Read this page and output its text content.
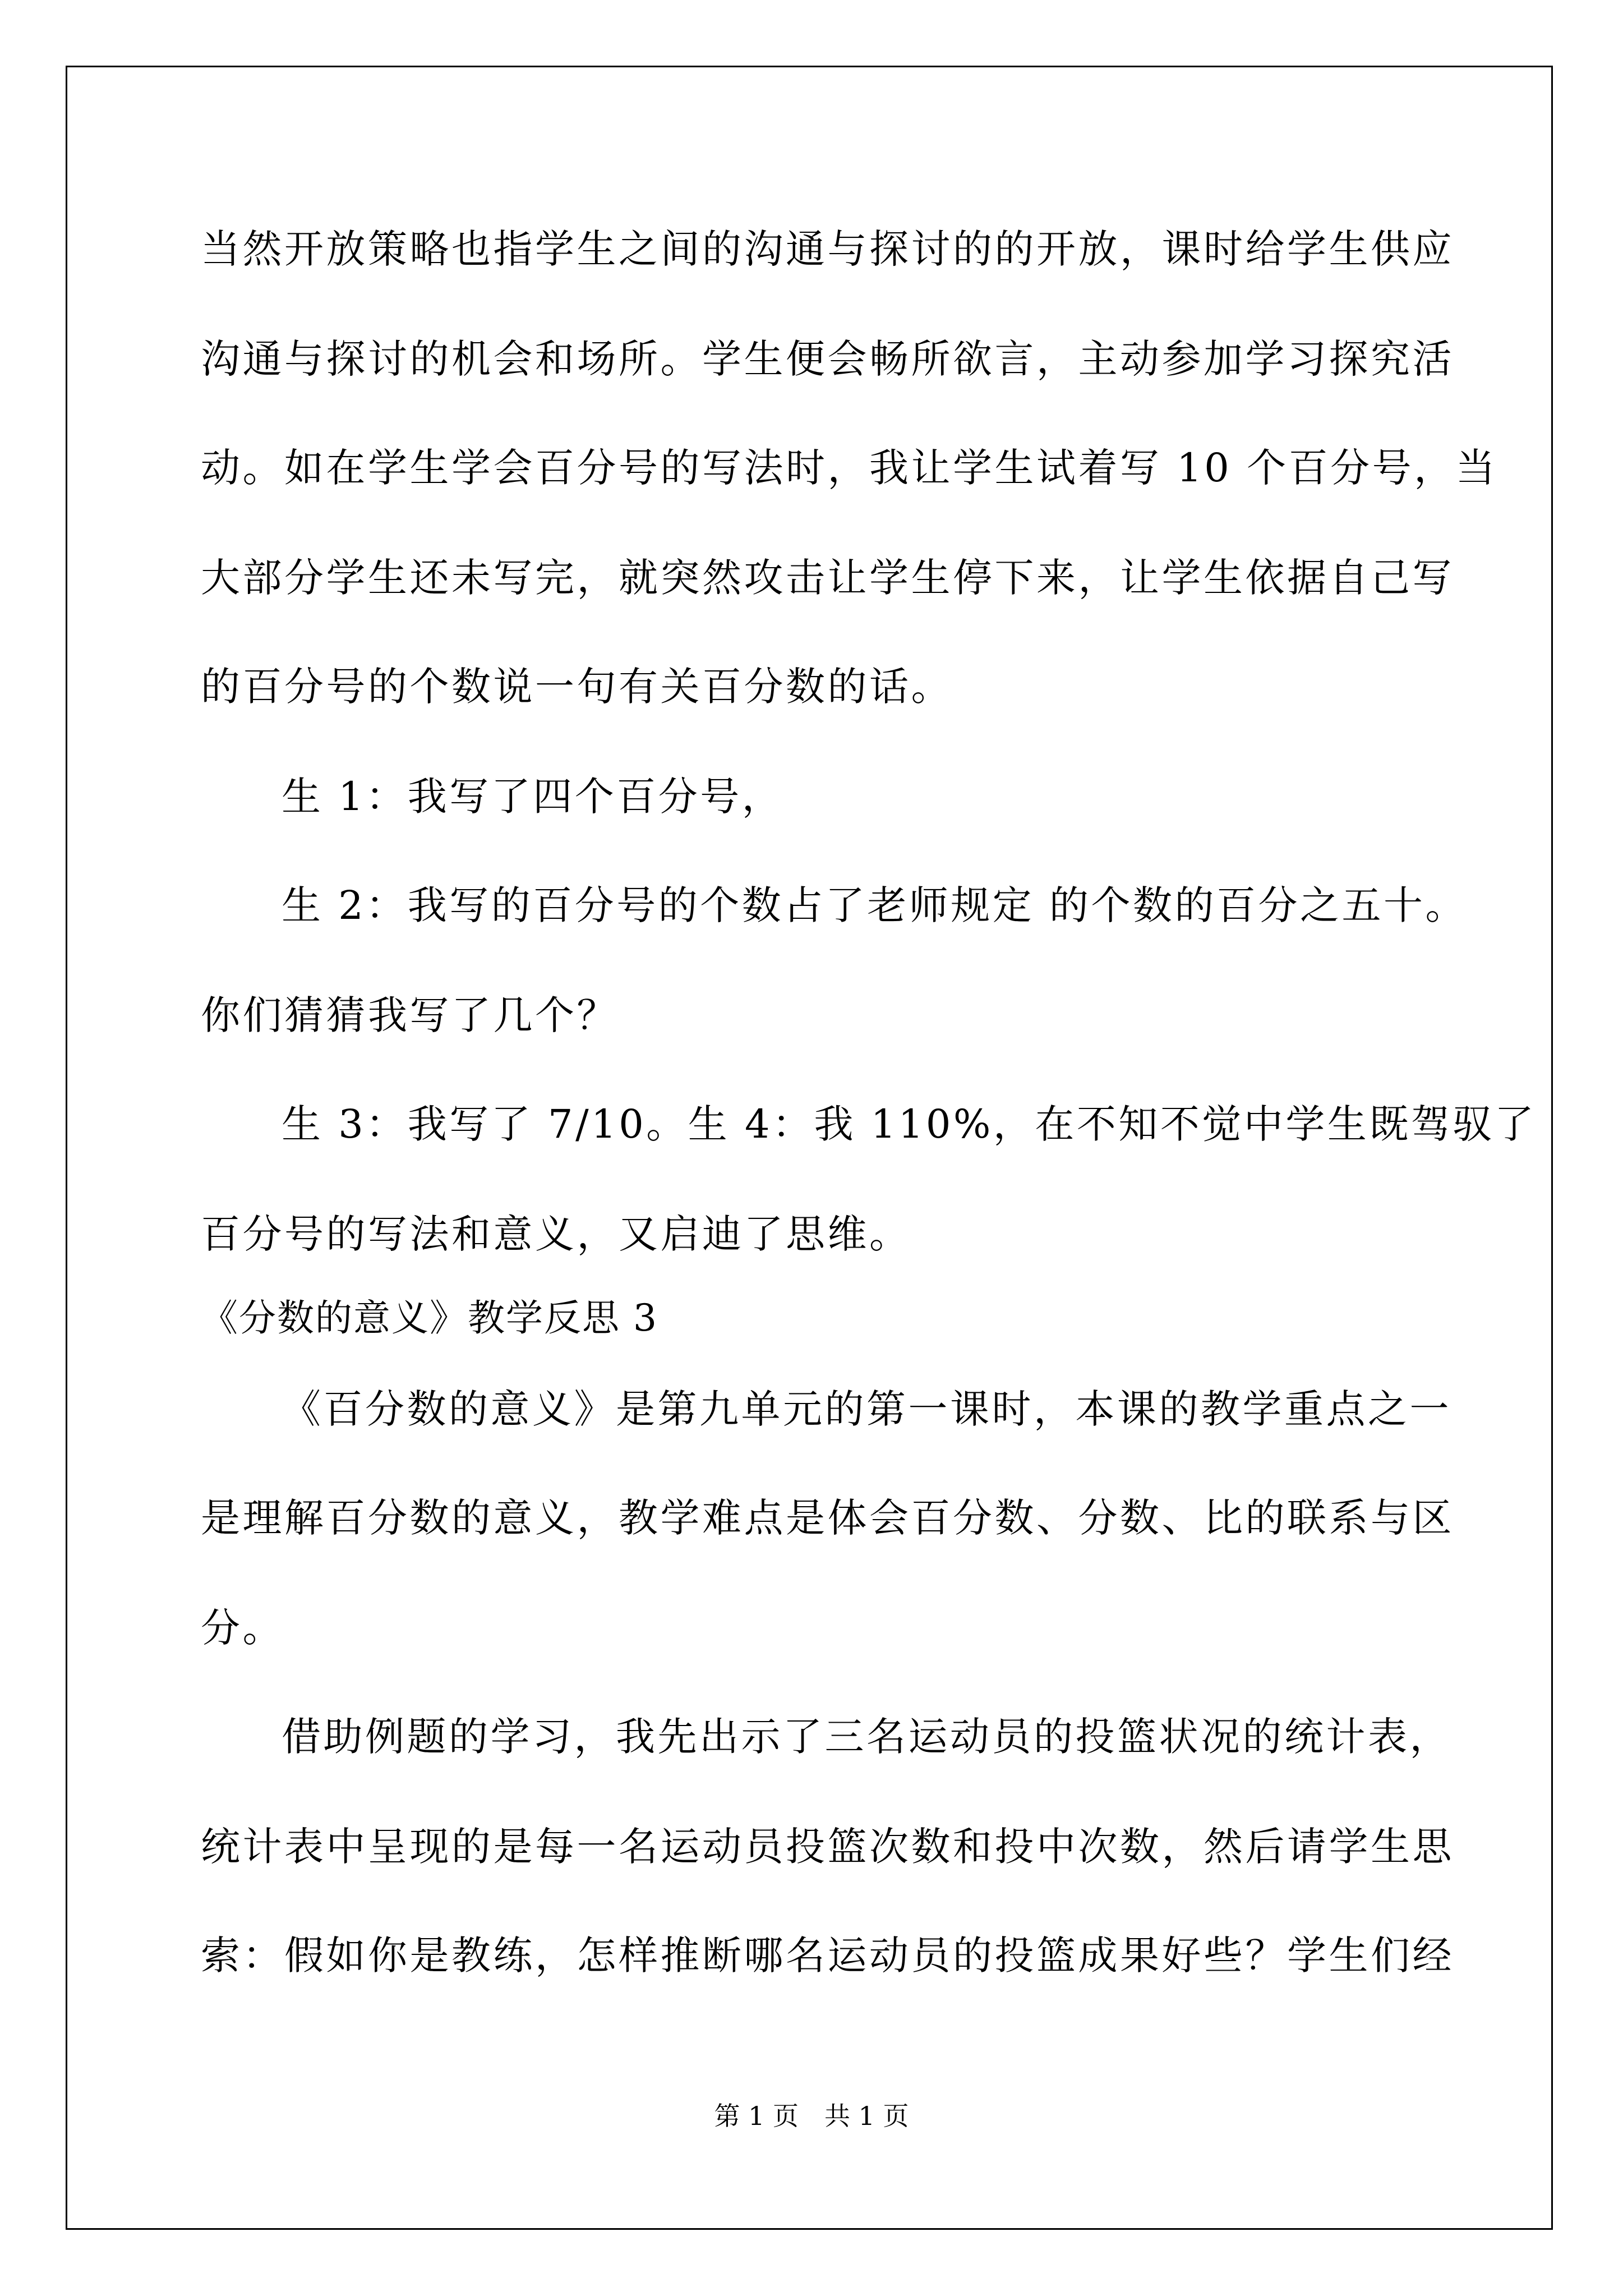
当然开放策略也指学生之间的沟通与探讨的的开放，课时给学生供应
沟通与探讨的机会和场所。学生便会畅所欲言，主动参加学习探究活
动。如在学生学会百分号的写法时，我让学生试着写 10 个百分号，当
大部分学生还未写完，就突然攻击让学生停下来，让学生依据自己写
的百分号的个数说一句有关百分数的话。
生 1：我写了四个百分号，
生 2：我写的百分号的个数占了老师规定 的个数的百分之五十。
你们猜猜我写了几个？
生 3：我写了 7/10。生 4：我 110%，在不知不觉中学生既驾驭了
百分号的写法和意义，又启迪了思维。
《分数的意义》教学反思 3
《百分数的意义》是第九单元的第一课时，本课的教学重点之一
是理解百分数的意义，教学难点是体会百分数、分数、比的联系与区
分。
借助例题的学习，我先出示了三名运动员的投篮状况的统计表，
统计表中呈现的是每一名运动员投篮次数和投中次数，然后请学生思
索：假如你是教练，怎样推断哪名运动员的投篮成果好些？学生们经
第 1 页　共 1 页
